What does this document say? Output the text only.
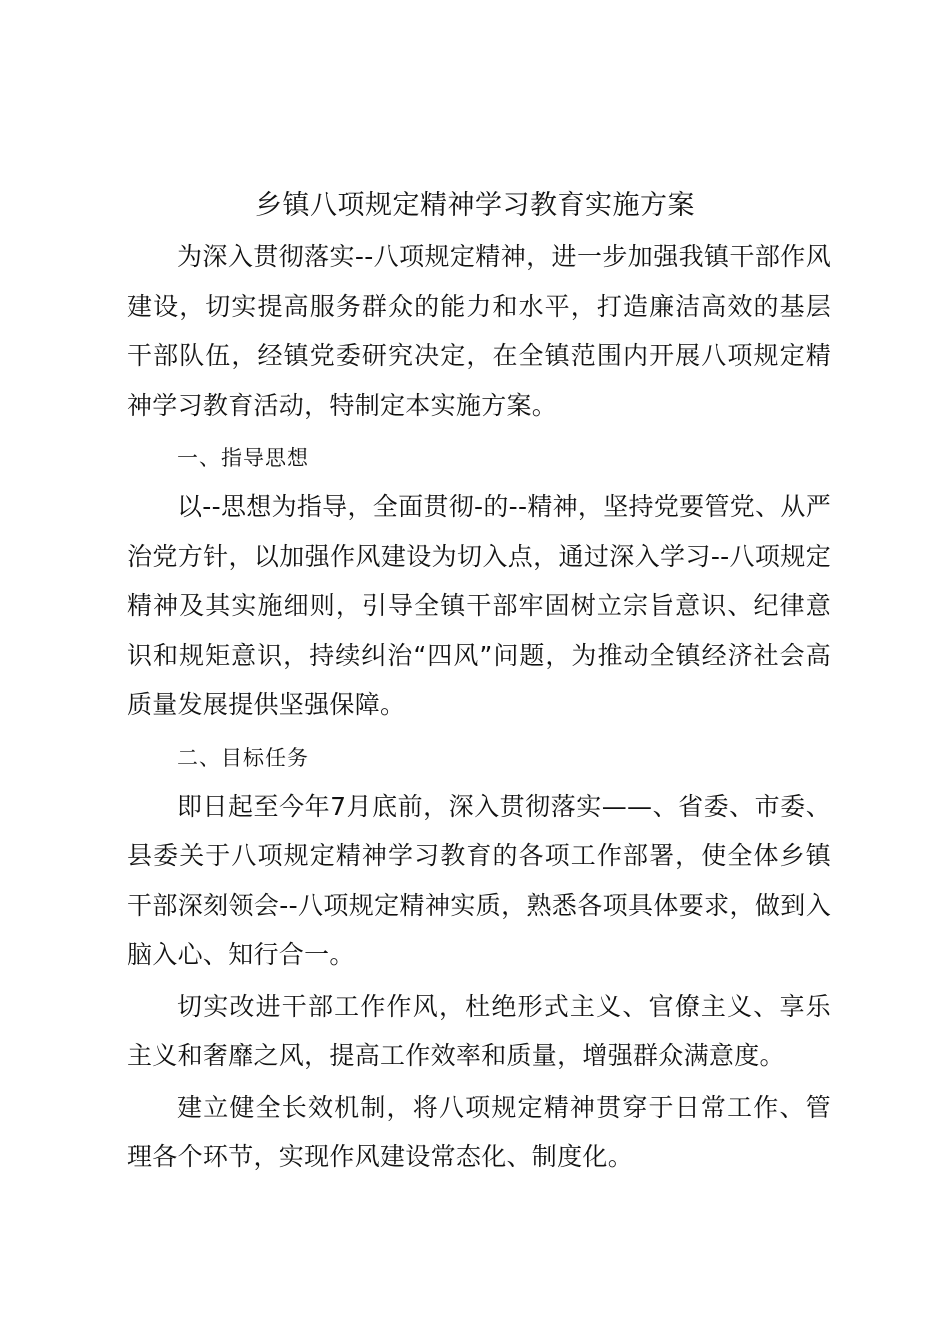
乡镇八项规定精神学习教育实施方案

为深入贯彻落实--八项规定精神，进一步加强我镇干部作风建设，切实提高服务群众的能力和水平，打造廉洁高效的基层干部队伍，经镇党委研究决定，在全镇范围内开展八项规定精神学习教育活动，特制定本实施方案。

一、指导思想

以--思想为指导，全面贯彻-的--精神，坚持党要管党、从严治党方针，以加强作风建设为切入点，通过深入学习--八项规定精神及其实施细则，引导全镇干部牢固树立宗旨意识、纪律意识和规矩意识，持续纠治“四风”问题，为推动全镇经济社会高质量发展提供坚强保障。

二、目标任务

即日起至今年7月底前，深入贯彻落实——、省委、市委、县委关于八项规定精神学习教育的各项工作部署，使全体乡镇干部深刻领会--八项规定精神实质，熟悉各项具体要求，做到入脑入心、知行合一。

切实改进干部工作作风，杜绝形式主义、官僚主义、享乐主义和奢靡之风，提高工作效率和质量，增强群众满意度。

建立健全长效机制，将八项规定精神贯穿于日常工作、管理各个环节，实现作风建设常态化、制度化。
